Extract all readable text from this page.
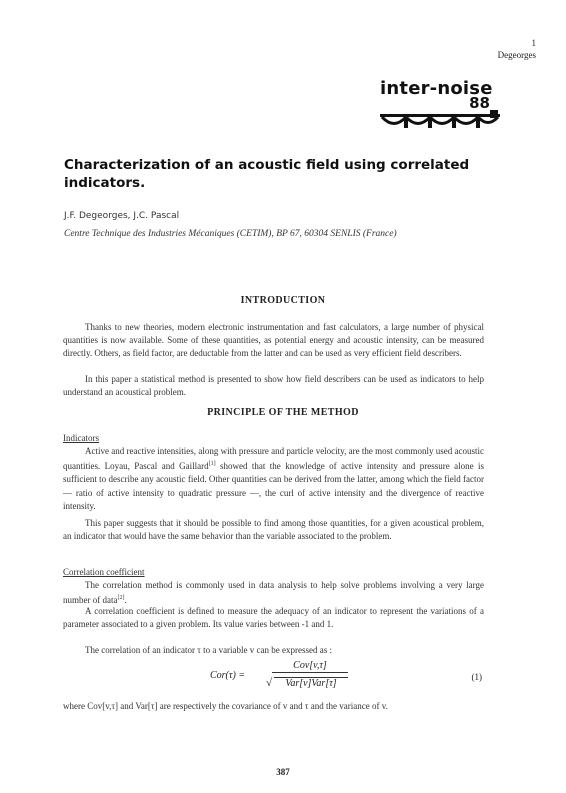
1
Degeorges
inter-noise
88
Characterization of an acoustic field using correlated indicators.
J.F. Degeorges, J.C. Pascal
Centre Technique des Industries Mécaniques (CETIM), BP 67, 60304 SENLIS (France)
INTRODUCTION
Thanks to new theories, modern electronic instrumentation and fast calculators, a large number of physical quantities is now available. Some of these quantities, as potential energy and acoustic intensity, can be measured directly. Others, as field factor, are deductable from the latter and can be used as very efficient field describers.
In this paper a statistical method is presented to show how field describers can be used as indicators to help understand an acoustical problem.
PRINCIPLE OF THE METHOD
Indicators
Active and reactive intensities, along with pressure and particle velocity, are the most commonly used acoustic quantities. Loyau, Pascal and Gaillard[1] showed that the knowledge of active intensity and pressure alone is sufficient to describe any acoustic field. Other quantities can be derived from the latter, among which the field factor — ratio of active intensity to quadratic pressure —, the curl of active intensity and the divergence of reactive intensity.
This paper suggests that it should be possible to find among those quantities, for a given acoustical problem, an indicator that would have the same behavior than the variable associated to the problem.
Correlation coefficient
The correlation method is commonly used in data analysis to help solve problems involving a very large number of data[2].
A correlation coefficient is defined to measure the adequacy of an indicator to represent the variations of a parameter associated to a given problem. Its value varies between -1 and 1.
The correlation of an indicator τ to a variable v can be expressed as :
Cor(τ) =
Cov[v,τ]
√	Var[v]Var[τ]
(1)
where Cov[v,τ] and Var[τ] are respectively the covariance of v and τ and the variance of v.
387
